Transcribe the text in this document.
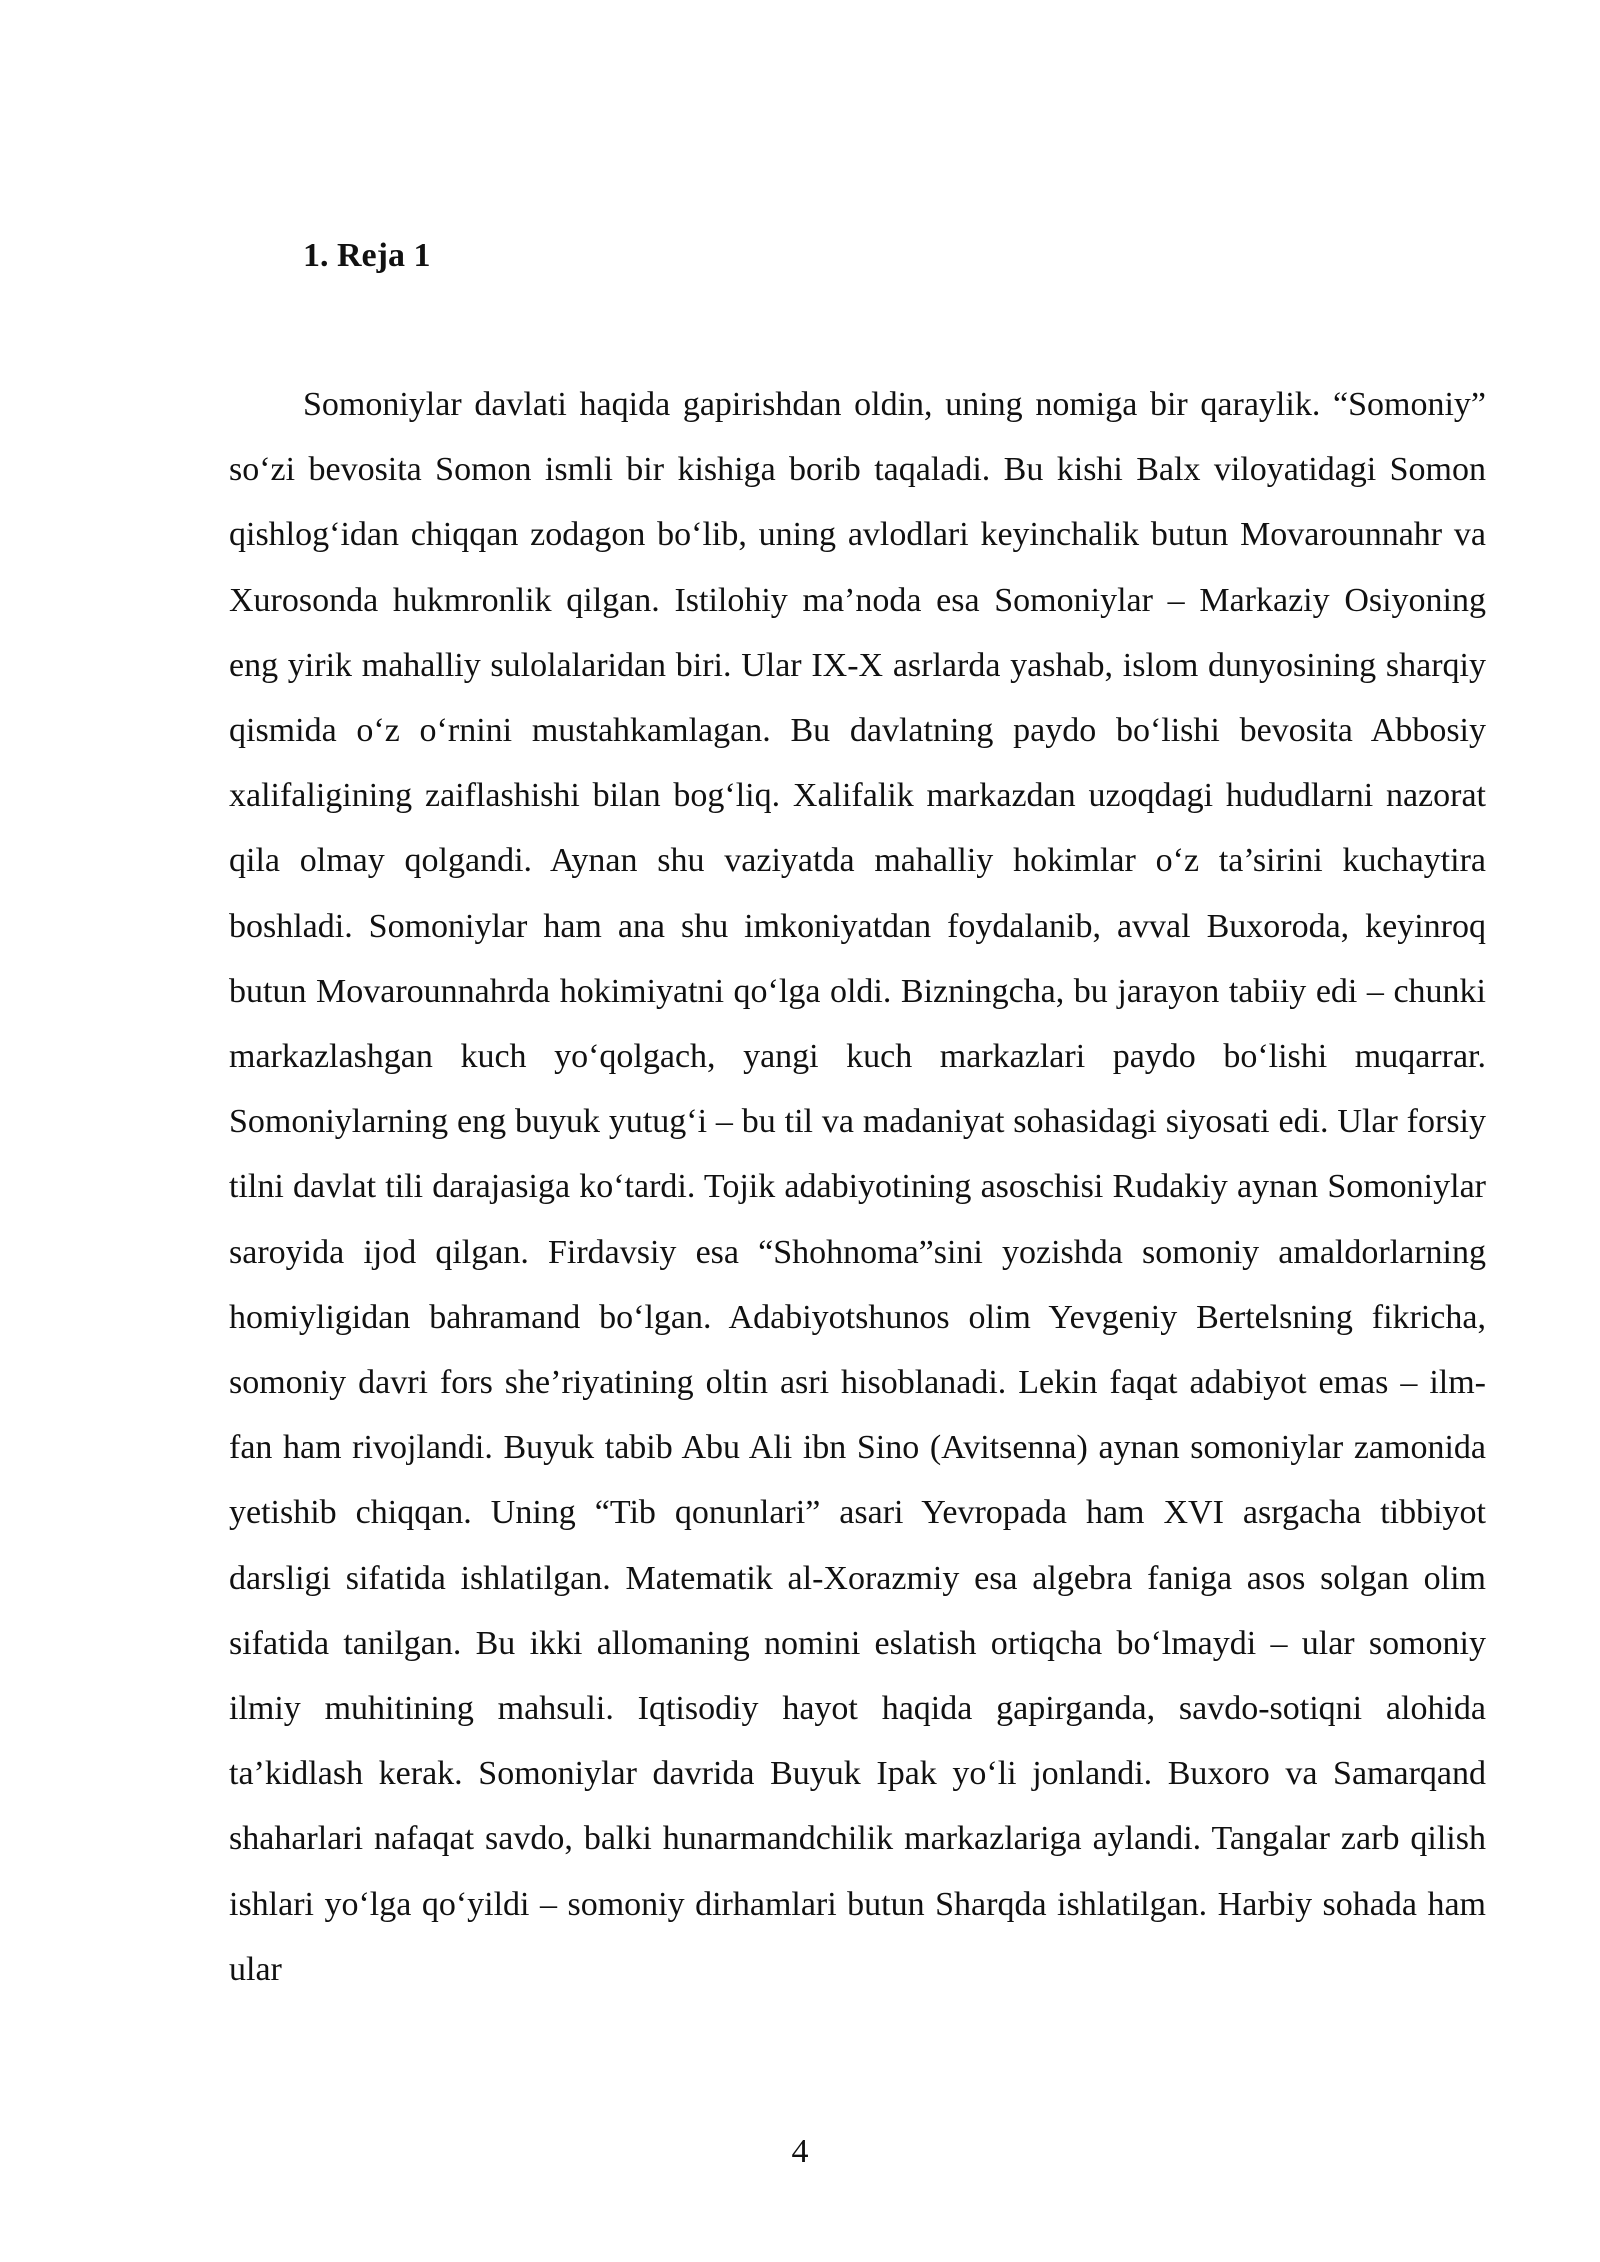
1. Reja 1

Somoniylar davlati haqida gapirishdan oldin, uning nomiga bir qaraylik. “Somoniy” so‘zi bevosita Somon ismli bir kishiga borib taqaladi. Bu kishi Balx viloyatidagi Somon qishlog‘idan chiqqan zodagon bo‘lib, uning avlodlari keyinchalik butun Movarounnahr va Xurosonda hukmronlik qilgan. Istilohiy ma’noda esa Somoniylar – Markaziy Osiyoning eng yirik mahalliy sulolalaridan biri. Ular IX-X asrlarda yashab, islom dunyosining sharqiy qismida o‘z o‘rnini mustahkamlagan. Bu davlatning paydo bo‘lishi bevosita Abbosiy xalifaligining zaiflashishi bilan bog‘liq. Xalifalik markazdan uzoqdagi hududlarni nazorat qila olmay qolgandi. Aynan shu vaziyatda mahalliy hokimlar o‘z ta’sirini kuchaytira boshladi. Somoniylar ham ana shu imkoniyatdan foydalanib, avval Buxoroda, keyinroq butun Movarounnahrda hokimiyatni qo‘lga oldi. Bizningcha, bu jarayon tabiiy edi – chunki markazlashgan kuch yo‘qolgach, yangi kuch markazlari paydo bo‘lishi muqarrar. Somoniylarning eng buyuk yutug‘i – bu til va madaniyat sohasidagi siyosati edi. Ular forsiy tilni davlat tili darajasiga ko‘tardi. Tojik adabiyotining asoschisi Rudakiy aynan Somoniylar saroyida ijod qilgan. Firdavsiy esa “Shohnoma”sini yozishda somoniy amaldorlarning homiyligidan bahramand bo‘lgan. Adabiyotshunos olim Yevgeniy Bertelsning fikricha, somoniy davri fors she’riyatining oltin asri hisoblanadi. Lekin faqat adabiyot emas – ilm-fan ham rivojlandi. Buyuk tabib Abu Ali ibn Sino (Avitsenna) aynan somoniylar zamonida yetishib chiqqan. Uning “Tib qonunlari” asari Yevropada ham XVI asrgacha tibbiyot darsligi sifatida ishlatilgan. Matematik al-Xorazmiy esa algebra faniga asos solgan olim sifatida tanilgan. Bu ikki allomaning nomini eslatish ortiqcha bo‘lmaydi – ular somoniy ilmiy muhitining mahsuli. Iqtisodiy hayot haqida gapirganda, savdo-sotiqni alohida ta’kidlash kerak. Somoniylar davrida Buyuk Ipak yo‘li jonlandi. Buxoro va Samarqand shaharlari nafaqat savdo, balki hunarmandchilik markazlariga aylandi. Tangalar zarb qilish ishlari yo‘lga qo‘yildi – somoniy dirhamlari butun Sharqda ishlatilgan. Harbiy sohada ham ular

4
